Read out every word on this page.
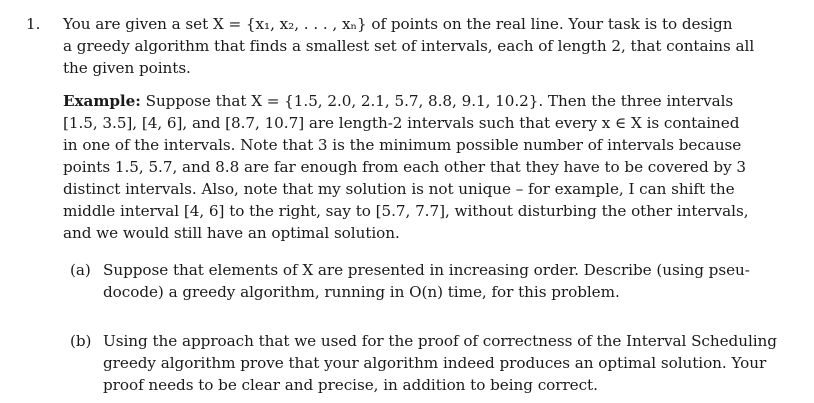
1. You are given a set X = {x₁, x₂, . . . , xₙ} of points on the real line. Your task is to design
a greedy algorithm that finds a smallest set of intervals, each of length 2, that contains all
the given points.
Example: Suppose that X = {1.5, 2.0, 2.1, 5.7, 8.8, 9.1, 10.2}. Then the three intervals
[1.5, 3.5], [4, 6], and [8.7, 10.7] are length-2 intervals such that every x ∈ X is contained
in one of the intervals. Note that 3 is the minimum possible number of intervals because
points 1.5, 5.7, and 8.8 are far enough from each other that they have to be covered by 3
distinct intervals. Also, note that my solution is not unique – for example, I can shift the
middle interval [4, 6] to the right, say to [5.7, 7.7], without disturbing the other intervals,
and we would still have an optimal solution.
(a) Suppose that elements of X are presented in increasing order. Describe (using pseu-
docode) a greedy algorithm, running in O(n) time, for this problem.
(b) Using the approach that we used for the proof of correctness of the Interval Scheduling
greedy algorithm prove that your algorithm indeed produces an optimal solution. Your
proof needs to be clear and precise, in addition to being correct.
